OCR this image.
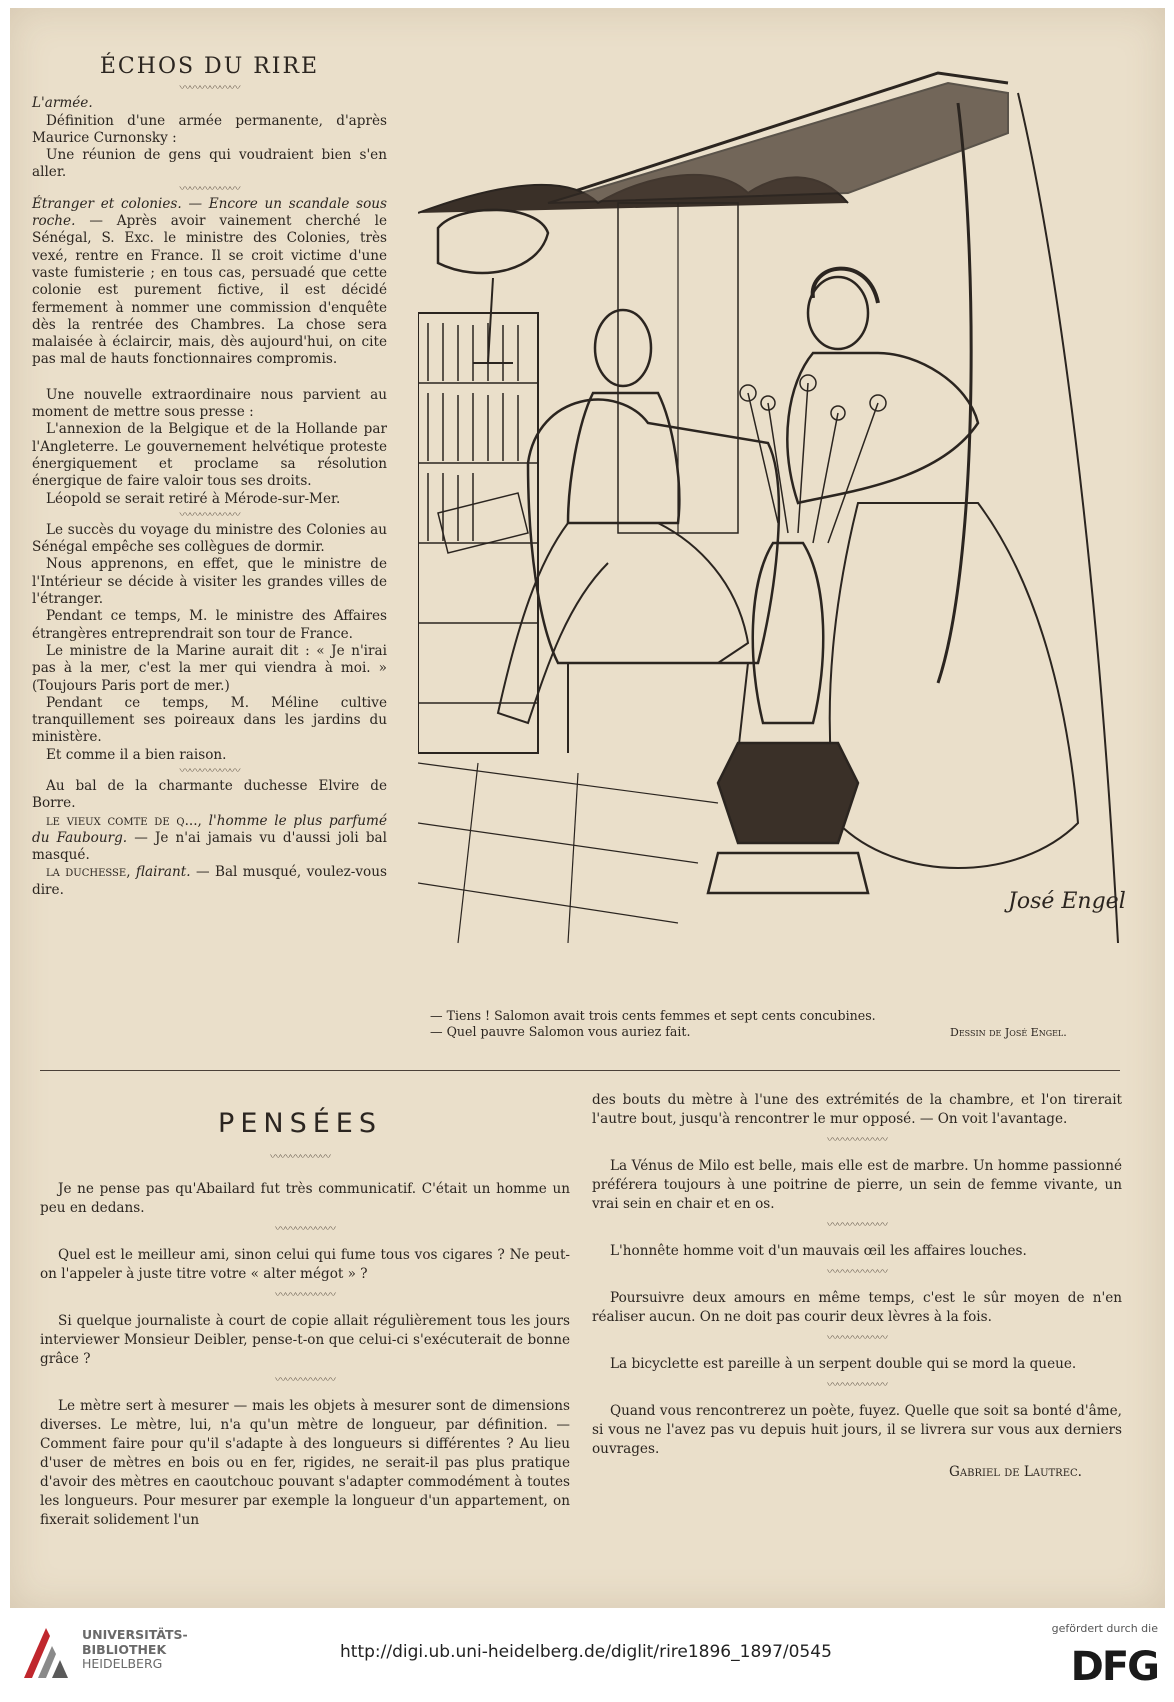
ÉCHOS DU RIRE
〰〰〰〰〰〰

L'armée.

Définition d'une armée permanente, d'après Maurice Curnonsky :

Une réunion de gens qui voudraient bien s'en aller.

〰〰〰〰〰〰

Étranger et colonies. — Encore un scandale sous roche. — Après avoir vainement cherché le Sénégal, S. Exc. le ministre des Colonies, très vexé, rentre en France. Il se croit victime d'une vaste fumisterie ; en tous cas, persuadé que cette colonie est purement fictive, il est décidé fermement à nommer une commission d'enquête dès la rentrée des Chambres. La chose sera malaisée à éclaircir, mais, dès aujourd'hui, on cite pas mal de hauts fonctionnaires compromis.

Une nouvelle extraordinaire nous parvient au moment de mettre sous presse :

L'annexion de la Belgique et de la Hollande par l'Angleterre. Le gouvernement helvétique proteste énergiquement et proclame sa résolution énergique de faire valoir tous ses droits.

Léopold se serait retiré à Mérode-sur-Mer.

〰〰〰〰〰〰

Le succès du voyage du ministre des Colonies au Sénégal empêche ses collègues de dormir.

Nous apprenons, en effet, que le ministre de l'Intérieur se décide à visiter les grandes villes de l'étranger.

Pendant ce temps, M. le ministre des Affaires étrangères entreprendrait son tour de France.

Le ministre de la Marine aurait dit : « Je n'irai pas à la mer, c'est la mer qui viendra à moi. » (Toujours Paris port de mer.)

Pendant ce temps, M. Méline cultive tranquillement ses poireaux dans les jardins du ministère.

Et comme il a bien raison.

〰〰〰〰〰〰

Au bal de la charmante duchesse Elvire de Borre.

le vieux comte de q..., l'homme le plus parfumé du Faubourg. — Je n'ai jamais vu d'aussi joli bal masqué.

la duchesse, flairant. — Bal musqué, voulez-vous dire.	José Engel
— Tiens ! Salomon avait trois cents femmes et sept cents concubines.
— Quel pauvre Salomon vous auriez fait.	Dessin de José Engel.
PENSÉES
〰〰〰〰〰〰

Je ne pense pas qu'Abailard fut très communicatif. C'était un homme un peu en dedans.

〰〰〰〰〰〰

Quel est le meilleur ami, sinon celui qui fume tous vos cigares ? Ne peut-on l'appeler à juste titre votre « alter mégot » ?

〰〰〰〰〰〰

Si quelque journaliste à court de copie allait régulièrement tous les jours interviewer Monsieur Deibler, pense-t-on que celui-ci s'exécuterait de bonne grâce ?

〰〰〰〰〰〰

Le mètre sert à mesurer — mais les objets à mesurer sont de dimensions diverses. Le mètre, lui, n'a qu'un mètre de longueur, par définition. — Comment faire pour qu'il s'adapte à des longueurs si différentes ? Au lieu d'user de mètres en bois ou en fer, rigides, ne serait-il pas plus pratique d'avoir des mètres en caoutchouc pouvant s'adapter commodément à toutes les longueurs. Pour mesurer par exemple la longueur d'un appartement, on fixerait solidement l'un

des bouts du mètre à l'une des extrémités de la chambre, et l'on tirerait l'autre bout, jusqu'à rencontrer le mur opposé. — On voit l'avantage.

〰〰〰〰〰〰

La Vénus de Milo est belle, mais elle est de marbre. Un homme passionné préférera toujours à une poitrine de pierre, un sein de femme vivante, un vrai sein en chair et en os.

〰〰〰〰〰〰

L'honnête homme voit d'un mauvais œil les affaires louches.

〰〰〰〰〰〰

Poursuivre deux amours en même temps, c'est le sûr moyen de n'en réaliser aucun. On ne doit pas courir deux lèvres à la fois.

〰〰〰〰〰〰

La bicyclette est pareille à un serpent double qui se mord la queue.

〰〰〰〰〰〰

Quand vous rencontrerez un poète, fuyez. Quelle que soit sa bonté d'âme, si vous ne l'avez pas vu depuis huit jours, il se livrera sur vous aux derniers ouvrages.

Gabriel de Lautrec.

UNIVERSITÄTS-
BIBLIOTHEK
HEIDELBERG
http://digi.ub.uni-heidelberg.de/diglit/rire1896_1897/0545
gefördert durch die
DFG
